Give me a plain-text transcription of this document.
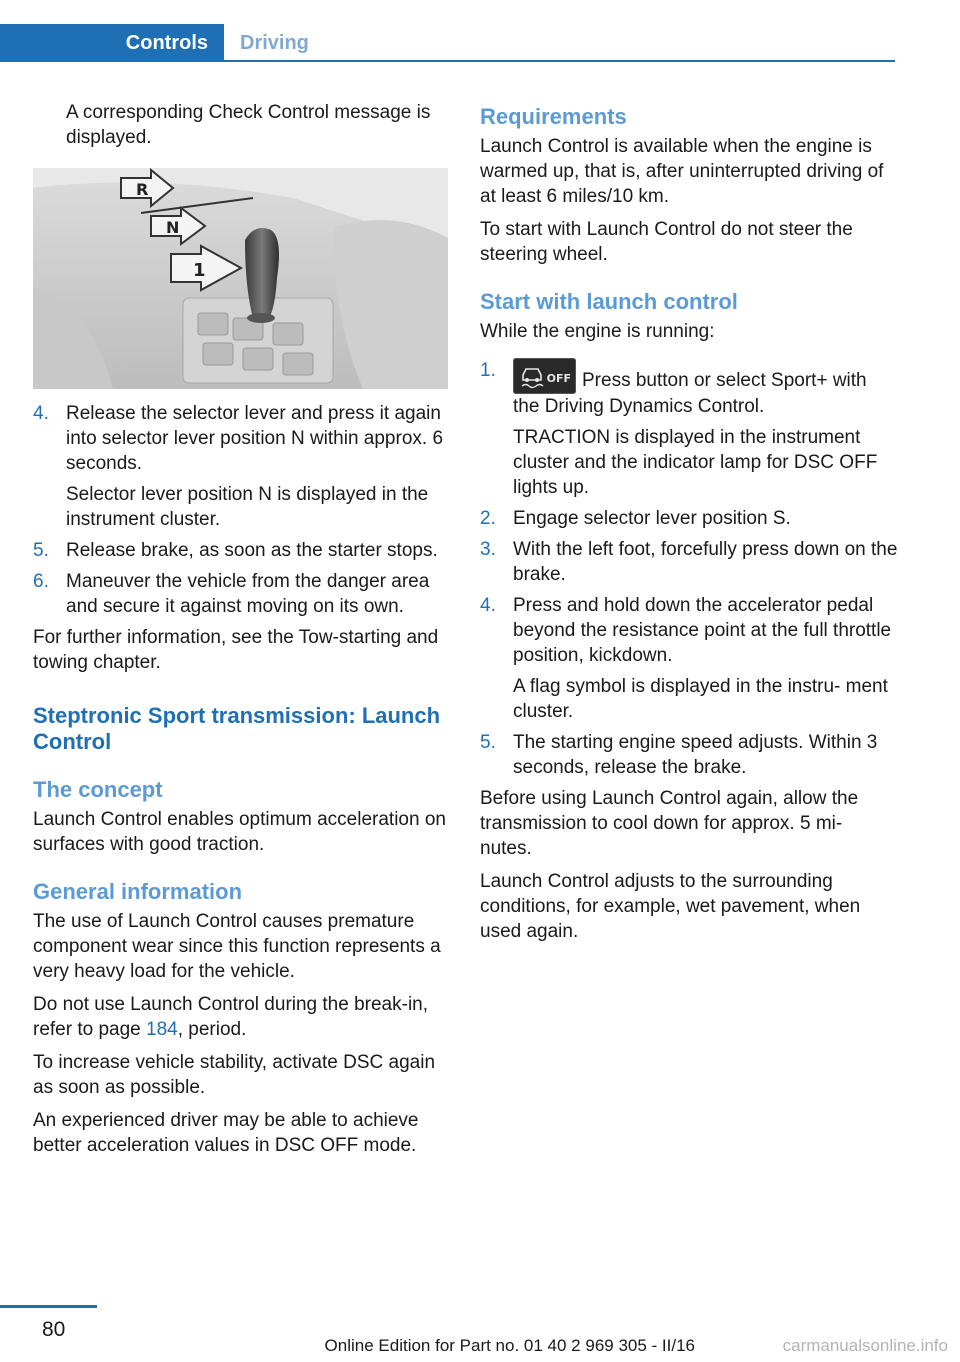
Controls	Driving

A corresponding Check Control message is displayed.

R
N
1
4. Release the selector lever and press it again into selector lever position N within approx. 6 seconds.

Selector lever position N is displayed in the instrument cluster.

5. Release brake, as soon as the starter stops.

6. Maneuver the vehicle from the danger area and secure it against moving on its own.

For further information, see the Tow-starting and towing chapter.

Steptronic Sport transmission: Launch Control
The concept

Launch Control enables optimum acceleration on surfaces with good traction.

General information

The use of Launch Control causes premature component wear since this function represents a very heavy load for the vehicle.

Do not use Launch Control during the break-in, refer to page 184, period.

To increase vehicle stability, activate DSC again as soon as possible.

An experienced driver may be able to achieve better acceleration values in DSC OFF mode.

Requirements

Launch Control is available when the engine is warmed up, that is, after uninterrupted driving of at least 6 miles/10 km.

To start with Launch Control do not steer the steering wheel.

Start with launch control

While the engine is running:

1.	OFF Press button or select Sport+ with the Driving Dynamics Control.

TRACTION is displayed in the instrument cluster and the indicator lamp for DSC OFF lights up.

2. Engage selector lever position S.

3. With the left foot, forcefully press down on the brake.

4. Press and hold down the accelerator pedal beyond the resistance point at the full throttle position, kickdown.

A flag symbol is displayed in the instru‐ ment cluster.

5. The starting engine speed adjusts. Within 3 seconds, release the brake.

Before using Launch Control again, allow the transmission to cool down for approx. 5 mi‐ nutes.

Launch Control adjusts to the surrounding conditions, for example, wet pavement, when used again.

80
Online Edition for Part no. 01 40 2 969 305 - II/16	carmanualsonline.info
